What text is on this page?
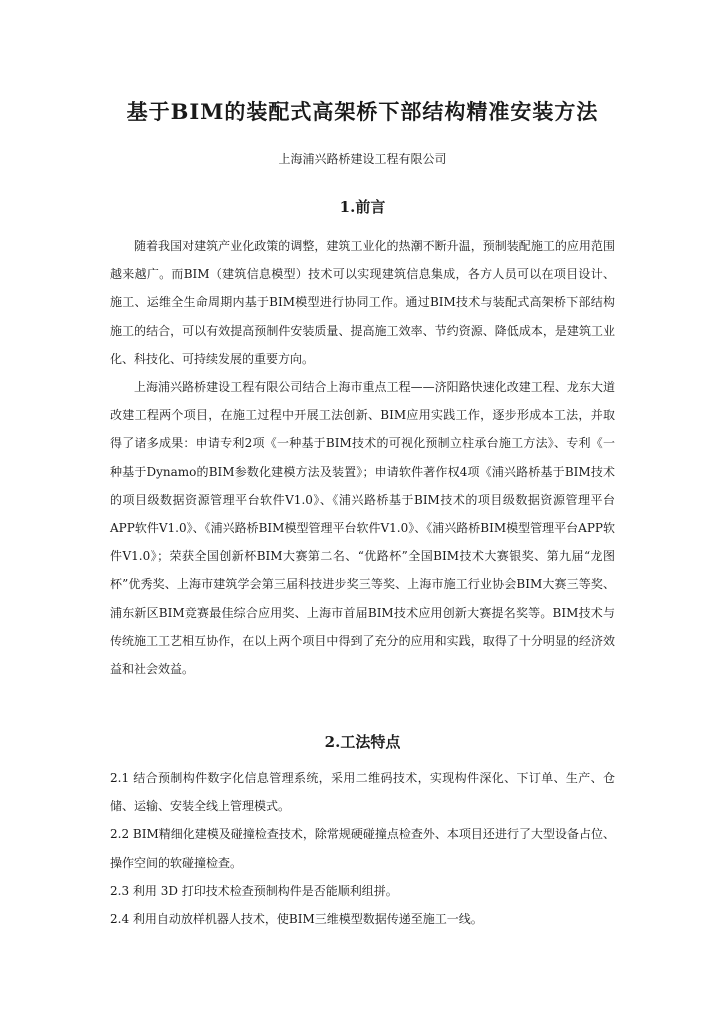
基于BIM的装配式高架桥下部结构精准安装方法

上海浦兴路桥建设工程有限公司

1.前言

随着我国对建筑产业化政策的调整，建筑工业化的热潮不断升温，预制装配施工的应用范围越来越广。而BIM（建筑信息模型）技术可以实现建筑信息集成，各方人员可以在项目设计、施工、运维全生命周期内基于BIM模型进行协同工作。通过BIM技术与装配式高架桥下部结构施工的结合，可以有效提高预制件安装质量、提高施工效率、节约资源、降低成本，是建筑工业化、科技化、可持续发展的重要方向。

上海浦兴路桥建设工程有限公司结合上海市重点工程——济阳路快速化改建工程、龙东大道改建工程两个项目，在施工过程中开展工法创新、BIM应用实践工作，逐步形成本工法，并取得了诸多成果：申请专利2项《一种基于BIM技术的可视化预制立柱承台施工方法》、专利《一种基于Dynamo的BIM参数化建模方法及装置》；申请软件著作权4项《浦兴路桥基于BIM技术的项目级数据资源管理平台软件V1.0》、《浦兴路桥基于BIM技术的项目级数据资源管理平台APP软件V1.0》、《浦兴路桥BIM模型管理平台软件V1.0》、《浦兴路桥BIM模型管理平台APP软件V1.0》；荣获全国创新杯BIM大赛第二名、“优路杯”全国BIM技术大赛银奖、第九届“龙图杯”优秀奖、上海市建筑学会第三届科技进步奖三等奖、上海市施工行业协会BIM大赛三等奖、浦东新区BIM竞赛最佳综合应用奖、上海市首届BIM技术应用创新大赛提名奖等。BIM技术与传统施工工艺相互协作，在以上两个项目中得到了充分的应用和实践，取得了十分明显的经济效益和社会效益。

2.工法特点
2.1 结合预制构件数字化信息管理系统，采用二维码技术，实现构件深化、下订单、生产、仓储、运输、安装全线上管理模式。
2.2 BIM精细化建模及碰撞检查技术，除常规硬碰撞点检查外、本项目还进行了大型设备占位、操作空间的软碰撞检查。
2.3 利用 3D 打印技术检查预制构件是否能顺利组拼。
2.4 利用自动放样机器人技术，使BIM三维模型数据传递至施工一线。
